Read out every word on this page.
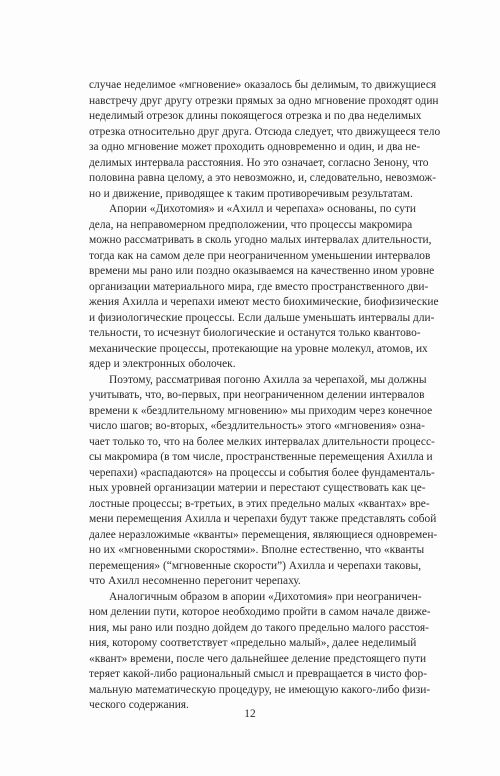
случае неделимое «мгновение» оказалось бы делимым, то движущиеся
навстречу друг другу отрезки прямых за одно мгновение проходят один
неделимый отрезок длины покоящегося отрезка и по два неделимых
отрезка относительно друг друга. Отсюда следует, что движущееся тело
за одно мгновение может проходить одновременно и один, и два не-
делимых интервала расстояния. Но это означает, согласно Зенону, что
половина равна целому, а это невозможно, и, следовательно, невозмож-
но и движение, приводящее к таким противоречивым результатам.
Апории «Дихотомия» и «Ахилл и черепаха» основаны, по сути
дела, на неправомерном предположении, что процессы макромира
можно рассматривать в сколь угодно малых интервалах длительности,
тогда как на самом деле при неограниченном уменьшении интервалов
времени мы рано или поздно оказываемся на качественно ином уровне
организации материального мира, где вместо пространственного дви-
жения Ахилла и черепахи имеют место биохимические, биофизические
и физиологические процессы. Если дальше уменьшать интервалы дли-
тельности, то исчезнут биологические и останутся только квантово-
механические процессы, протекающие на уровне молекул, атомов, их
ядер и электронных оболочек.
Поэтому, рассматривая погоню Ахилла за черепахой, мы должны
учитывать, что, во-первых, при неограниченном делении интервалов
времени к «бездлительному мгновению» мы приходим через конечное
число шагов; во-вторых, «бездлительность» этого «мгновения» озна-
чает только то, что на более мелких интервалах длительности процесс-
сы макромира (в том числе, пространственные перемещения Ахилла и
черепахи) «распадаются» на процессы и события более фундаменталь-
ных уровней организации материи и перестают существовать как це-
лостные процессы; в-третьих, в этих предельно малых «квантах» вре-
мени перемещения Ахилла и черепахи будут также представлять собой
далее неразложимые «кванты» перемещения, являющиеся одновремен-
но их «мгновенными скоростями». Вполне естественно, что «кванты
перемещения» (“мгновенные скорости”) Ахилла и черепахи таковы,
что Ахилл несомненно перегонит черепаху.
Аналогичным образом в апории «Дихотомия» при неограничен-
ном делении пути, которое необходимо пройти в самом начале движе-
ния, мы рано или поздно дойдем до такого предельно малого расстоя-
ния, которому соответствует «предельно малый», далее неделимый
«квант» времени, после чего дальнейшее деление предстоящего пути
теряет какой-либо рациональный смысл и превращается в чисто фор-
мальную математическую процедуру, не имеющую какого-либо физи-
ческого содержания.
12
